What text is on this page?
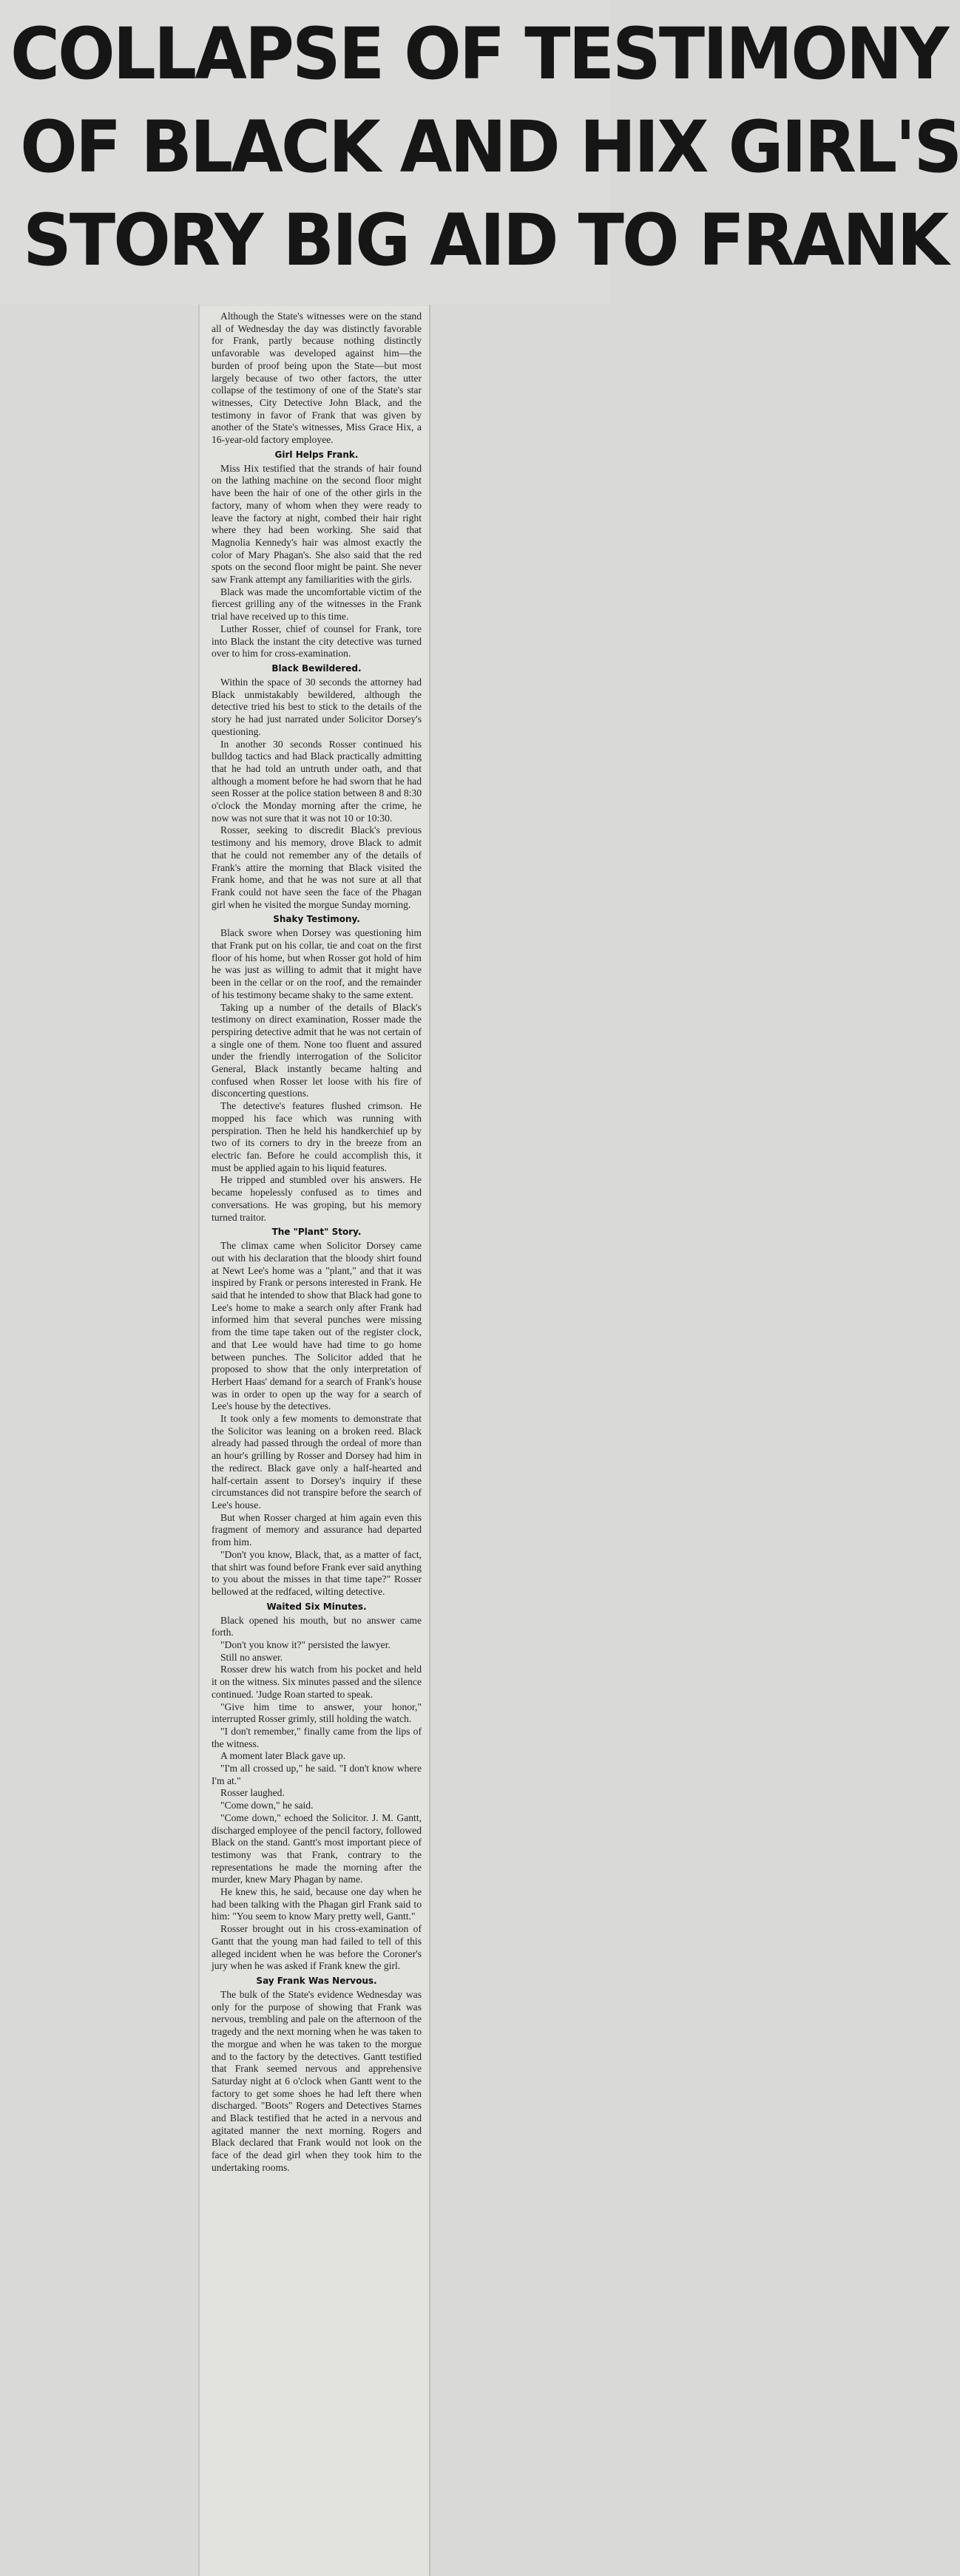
COLLAPSE OF TESTIMONY
OF BLACK AND HIX GIRL'S
STORY BIG AID TO FRANK

Although the State's witnesses were on the stand all of Wednesday the day was distinctly favorable for Frank, partly because nothing distinctly unfavorable was developed against him—the burden of proof being upon the State—but most largely because of two other factors, the utter collapse of the testimony of one of the State's star witnesses, City Detective John Black, and the testimony in favor of Frank that was given by another of the State's witnesses, Miss Grace Hix, a 16-year-old factory employee.

Girl Helps Frank.

Miss Hix testified that the strands of hair found on the lathing machine on the second floor might have been the hair of one of the other girls in the factory, many of whom when they were ready to leave the factory at night, combed their hair right where they had been working. She said that Magnolia Kennedy's hair was almost exactly the color of Mary Phagan's. She also said that the red spots on the second floor might be paint. She never saw Frank attempt any familiarities with the girls.

Black was made the uncomfortable victim of the fiercest grilling any of the witnesses in the Frank trial have received up to this time.

Luther Rosser, chief of counsel for Frank, tore into Black the instant the city detective was turned over to him for cross-examination.

Black Bewildered.

Within the space of 30 seconds the attorney had Black unmistakably bewildered, although the detective tried his best to stick to the details of the story he had just narrated under Solicitor Dorsey's questioning.

In another 30 seconds Rosser continued his bulldog tactics and had Black practically admitting that he had told an untruth under oath, and that although a moment before he had sworn that he had seen Rosser at the police station between 8 and 8:30 o'clock the Monday morning after the crime, he now was not sure that it was not 10 or 10:30.

Rosser, seeking to discredit Black's previous testimony and his memory, drove Black to admit that he could not remember any of the details of Frank's attire the morning that Black visited the Frank home, and that he was not sure at all that Frank could not have seen the face of the Phagan girl when he visited the morgue Sunday morning.

Shaky Testimony.

Black swore when Dorsey was questioning him that Frank put on his collar, tie and coat on the first floor of his home, but when Rosser got hold of him he was just as willing to admit that it might have been in the cellar or on the roof, and the remainder of his testimony became shaky to the same extent.

Taking up a number of the details of Black's testimony on direct examination, Rosser made the perspiring detective admit that he was not certain of a single one of them. None too fluent and assured under the friendly interrogation of the Solicitor General, Black instantly became halting and confused when Rosser let loose with his fire of disconcerting questions.

The detective's features flushed crimson. He mopped his face which was running with perspiration. Then he held his handkerchief up by two of its corners to dry in the breeze from an electric fan. Before he could accomplish this, it must be applied again to his liquid features.

He tripped and stumbled over his answers. He became hopelessly confused as to times and conversations. He was groping, but his memory turned traitor.

The "Plant" Story.

The climax came when Solicitor Dorsey came out with his declaration that the bloody shirt found at Newt Lee's home was a "plant," and that it was inspired by Frank or persons interested in Frank. He said that he intended to show that Black had gone to Lee's home to make a search only after Frank had informed him that several punches were missing from the time tape taken out of the register clock, and that Lee would have had time to go home between punches. The Solicitor added that he proposed to show that the only interpretation of Herbert Haas' demand for a search of Frank's house was in order to open up the way for a search of Lee's house by the detectives.

It took only a few moments to demonstrate that the Solicitor was leaning on a broken reed. Black already had passed through the ordeal of more than an hour's grilling by Rosser and Dorsey had him in the redirect. Black gave only a half-hearted and half-certain assent to Dorsey's inquiry if these circumstances did not transpire before the search of Lee's house.

But when Rosser charged at him again even this fragment of memory and assurance had departed from him.

"Don't you know, Black, that, as a matter of fact, that shirt was found before Frank ever said anything to you about the misses in that time tape?" Rosser bellowed at the redfaced, wilting detective.

Waited Six Minutes.

Black opened his mouth, but no answer came forth.

"Don't you know it?" persisted the lawyer.

Still no answer.

Rosser drew his watch from his pocket and held it on the witness. Six minutes passed and the silence continued. 'Judge Roan started to speak.

"Give him time to answer, your honor," interrupted Rosser grimly, still holding the watch.

"I don't remember," finally came from the lips of the witness.

A moment later Black gave up.

"I'm all crossed up," he said. "I don't know where I'm at."

Rosser laughed.

"Come down," he said.

"Come down," echoed the Solicitor. J. M. Gantt, discharged employee of the pencil factory, followed Black on the stand. Gantt's most important piece of testimony was that Frank, contrary to the representations he made the morning after the murder, knew Mary Phagan by name.

He knew this, he said, because one day when he had been talking with the Phagan girl Frank said to him: "You seem to know Mary pretty well, Gantt."

Rosser brought out in his cross-examination of Gantt that the young man had failed to tell of this alleged incident when he was before the Coroner's jury when he was asked if Frank knew the girl.

Say Frank Was Nervous.

The bulk of the State's evidence Wednesday was only for the purpose of showing that Frank was nervous, trembling and pale on the afternoon of the tragedy and the next morning when he was taken to the morgue and when he was taken to the morgue and to the factory by the detectives. Gantt testified that Frank seemed nervous and apprehensive Saturday night at 6 o'clock when Gantt went to the factory to get some shoes he had left there when discharged. "Boots" Rogers and Detectives Starnes and Black testified that he acted in a nervous and agitated manner the next morning. Rogers and Black declared that Frank would not look on the face of the dead girl when they took him to the undertaking rooms.
